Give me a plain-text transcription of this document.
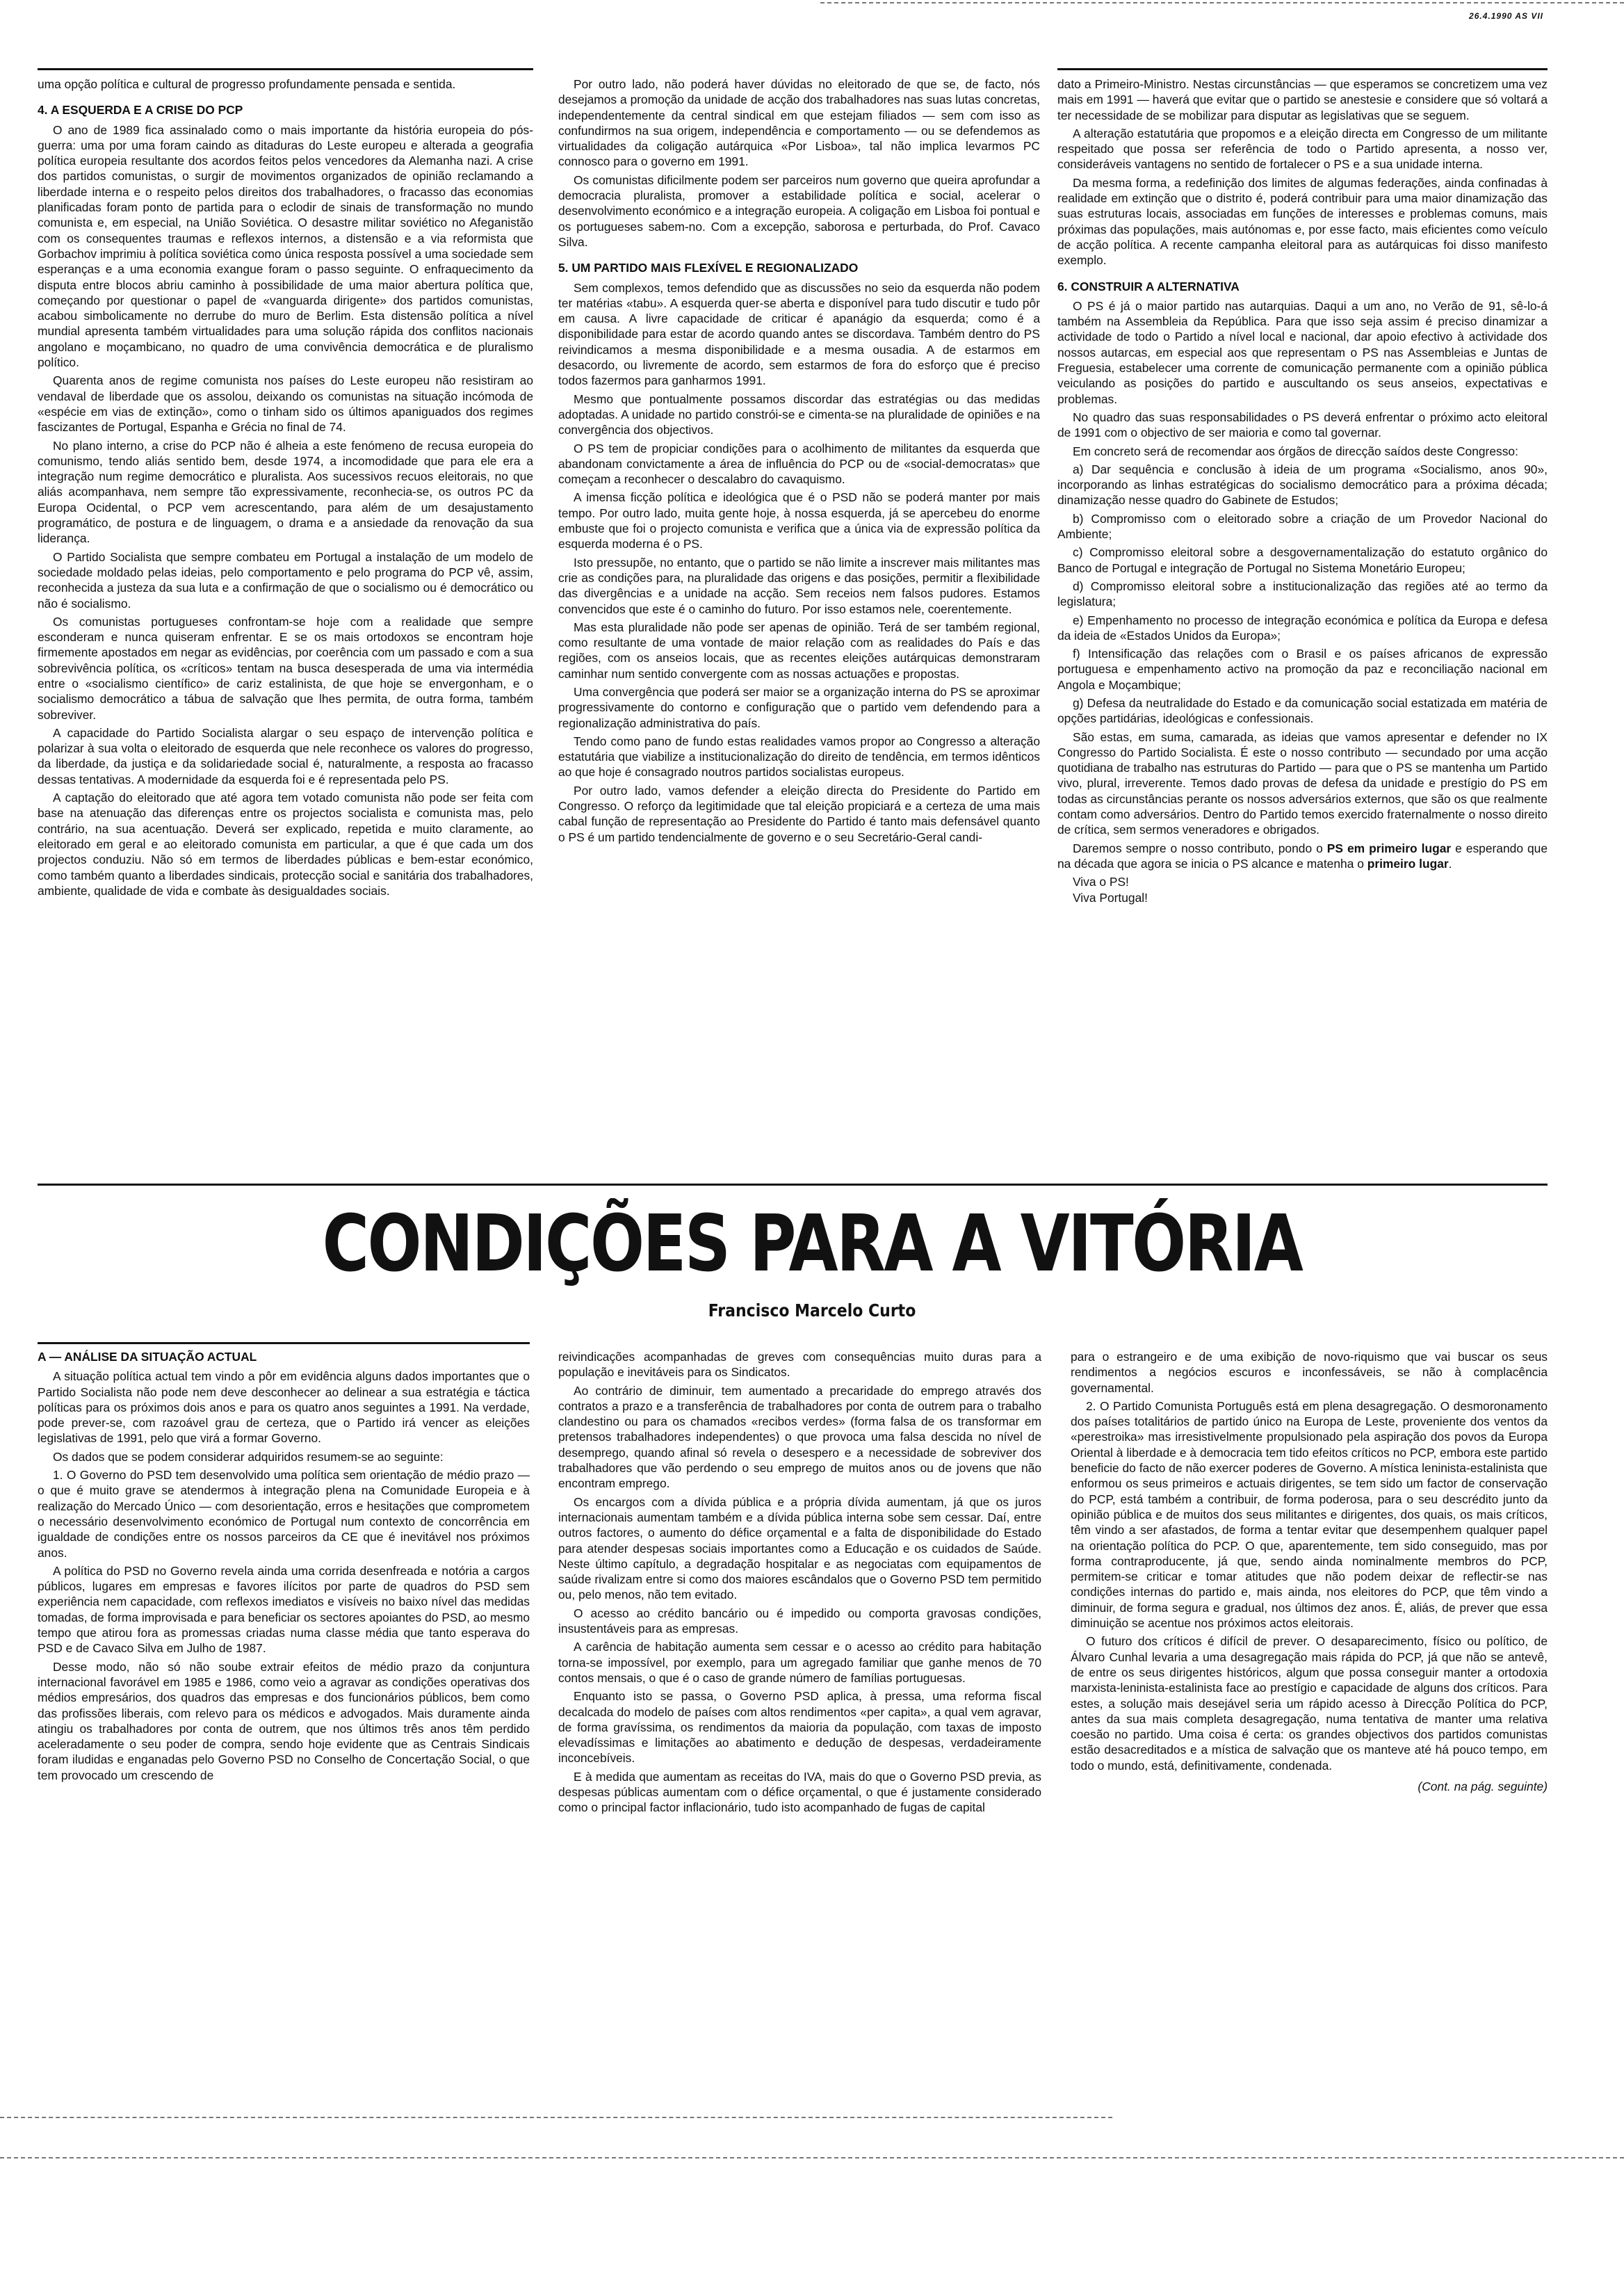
26.4.1990 AS VII

uma opção política e cultural de progresso profundamente pensada e sentida.

4. A ESQUERDA E A CRISE DO PCP

O ano de 1989 fica assinalado como o mais importante da história europeia do pós-guerra: uma por uma foram caindo as ditaduras do Leste europeu e alterada a geografia política europeia resultante dos acordos feitos pelos vencedores da Alemanha nazi. A crise dos partidos comunistas, o surgir de movimentos organizados de opinião reclamando a liberdade interna e o respeito pelos direitos dos trabalhadores, o fracasso das economias planificadas foram ponto de partida para o eclodir de sinais de transformação no mundo comunista e, em especial, na União Soviética. O desastre militar soviético no Afeganistão com os consequentes traumas e reflexos internos, a distensão e a via reformista que Gorbachov imprimiu à política soviética como única resposta possível a uma sociedade sem esperanças e a uma economia exangue foram o passo seguinte. O enfraquecimento da disputa entre blocos abriu caminho à possibilidade de uma maior abertura política que, começando por questionar o papel de «vanguarda dirigente» dos partidos comunistas, acabou simbolicamente no derrube do muro de Berlim. Esta distensão política a nível mundial apresenta também virtualidades para uma solução rápida dos conflitos nacionais angolano e moçambicano, no quadro de uma convivência democrática e de pluralismo político.

Quarenta anos de regime comunista nos países do Leste europeu não resistiram ao vendaval de liberdade que os assolou, deixando os comunistas na situação incómoda de «espécie em vias de extinção», como o tinham sido os últimos apaniguados dos regimes fascizantes de Portugal, Espanha e Grécia no final de 74.

No plano interno, a crise do PCP não é alheia a este fenómeno de recusa europeia do comunismo, tendo aliás sentido bem, desde 1974, a incomodidade que para ele era a integração num regime democrático e pluralista. Aos sucessivos recuos eleitorais, no que aliás acompanhava, nem sempre tão expressivamente, reconhecia-se, os outros PC da Europa Ocidental, o PCP vem acrescentando, para além de um desajustamento programático, de postura e de linguagem, o drama e a ansiedade da renovação da sua liderança.

O Partido Socialista que sempre combateu em Portugal a instalação de um modelo de sociedade moldado pelas ideias, pelo comportamento e pelo programa do PCP vê, assim, reconhecida a justeza da sua luta e a confirmação de que o socialismo ou é democrático ou não é socialismo.

Os comunistas portugueses confrontam-se hoje com a realidade que sempre esconderam e nunca quiseram enfrentar. E se os mais ortodoxos se encontram hoje firmemente apostados em negar as evidências, por coerência com um passado e com a sua sobrevivência política, os «críticos» tentam na busca desesperada de uma via intermédia entre o «socialismo científico» de cariz estalinista, de que hoje se envergonham, e o socialismo democrático a tábua de salvação que lhes permita, de outra forma, também sobreviver.

A capacidade do Partido Socialista alargar o seu espaço de intervenção política e polarizar à sua volta o eleitorado de esquerda que nele reconhece os valores do progresso, da liberdade, da justiça e da solidariedade social é, naturalmente, a resposta ao fracasso dessas tentativas. A modernidade da esquerda foi e é representada pelo PS.

A captação do eleitorado que até agora tem votado comunista não pode ser feita com base na atenuação das diferenças entre os projectos socialista e comunista mas, pelo contrário, na sua acentuação. Deverá ser explicado, repetida e muito claramente, ao eleitorado em geral e ao eleitorado comunista em particular, a que é que cada um dos projectos conduziu. Não só em termos de liberdades públicas e bem-estar económico, como também quanto a liberdades sindicais, protecção social e sanitária dos trabalhadores, ambiente, qualidade de vida e combate às desigualdades sociais.

Por outro lado, não poderá haver dúvidas no eleitorado de que se, de facto, nós desejamos a promoção da unidade de acção dos trabalhadores nas suas lutas concretas, independentemente da central sindical em que estejam filiados — sem com isso as confundirmos na sua origem, independência e comportamento — ou se defendemos as virtualidades da coligação autárquica «Por Lisboa», tal não implica levarmos PC connosco para o governo em 1991.

Os comunistas dificilmente podem ser parceiros num governo que queira aprofundar a democracia pluralista, promover a estabilidade política e social, acelerar o desenvolvimento económico e a integração europeia. A coligação em Lisboa foi pontual e os portugueses sabem-no. Com a excepção, saborosa e perturbada, do Prof. Cavaco Silva.

5. UM PARTIDO MAIS FLEXÍVEL E REGIONALIZADO

Sem complexos, temos defendido que as discussões no seio da esquerda não podem ter matérias «tabu». A esquerda quer-se aberta e disponível para tudo discutir e tudo pôr em causa. A livre capacidade de criticar é apanágio da esquerda; como é a disponibilidade para estar de acordo quando antes se discordava. Também dentro do PS reivindicamos a mesma disponibilidade e a mesma ousadia. A de estarmos em desacordo, ou livremente de acordo, sem estarmos de fora do esforço que é preciso todos fazermos para ganharmos 1991.

Mesmo que pontualmente possamos discordar das estratégias ou das medidas adoptadas. A unidade no partido constrói-se e cimenta-se na pluralidade de opiniões e na convergência dos objectivos.

O PS tem de propiciar condições para o acolhimento de militantes da esquerda que abandonam convictamente a área de influência do PCP ou de «social-democratas» que começam a reconhecer o descalabro do cavaquismo.

A imensa ficção política e ideológica que é o PSD não se poderá manter por mais tempo. Por outro lado, muita gente hoje, à nossa esquerda, já se apercebeu do enorme embuste que foi o projecto comunista e verifica que a única via de expressão política da esquerda moderna é o PS.

Isto pressupõe, no entanto, que o partido se não limite a inscrever mais militantes mas crie as condições para, na pluralidade das origens e das posições, permitir a flexibilidade das divergências e a unidade na acção. Sem receios nem falsos pudores. Estamos convencidos que este é o caminho do futuro. Por isso estamos nele, coerentemente.

Mas esta pluralidade não pode ser apenas de opinião. Terá de ser também regional, como resultante de uma vontade de maior relação com as realidades do País e das regiões, com os anseios locais, que as recentes eleições autárquicas demonstraram caminhar num sentido convergente com as nossas actuações e propostas.

Uma convergência que poderá ser maior se a organização interna do PS se aproximar progressivamente do contorno e configuração que o partido vem defendendo para a regionalização administrativa do país.

Tendo como pano de fundo estas realidades vamos propor ao Congresso a alteração estatutária que viabilize a institucionalização do direito de tendência, em termos idênticos ao que hoje é consagrado noutros partidos socialistas europeus.

Por outro lado, vamos defender a eleição directa do Presidente do Partido em Congresso. O reforço da legitimidade que tal eleição propiciará e a certeza de uma mais cabal função de representação ao Presidente do Partido é tanto mais defensável quanto o PS é um partido tendencialmente de governo e o seu Secretário-Geral candi-

dato a Primeiro-Ministro. Nestas circunstâncias — que esperamos se concretizem uma vez mais em 1991 — haverá que evitar que o partido se anestesie e considere que só voltará a ter necessidade de se mobilizar para disputar as legislativas que se seguem.

A alteração estatutária que propomos e a eleição directa em Congresso de um militante respeitado que possa ser referência de todo o Partido apresenta, a nosso ver, consideráveis vantagens no sentido de fortalecer o PS e a sua unidade interna.

Da mesma forma, a redefinição dos limites de algumas federações, ainda confinadas à realidade em extinção que o distrito é, poderá contribuir para uma maior dinamização das suas estruturas locais, associadas em funções de interesses e problemas comuns, mais próximas das populações, mais autónomas e, por esse facto, mais eficientes como veículo de acção política. A recente campanha eleitoral para as autárquicas foi disso manifesto exemplo.

6. CONSTRUIR A ALTERNATIVA

O PS é já o maior partido nas autarquias. Daqui a um ano, no Verão de 91, sê-lo-á também na Assembleia da República. Para que isso seja assim é preciso dinamizar a actividade de todo o Partido a nível local e nacional, dar apoio efectivo à actividade dos nossos autarcas, em especial aos que representam o PS nas Assembleias e Juntas de Freguesia, estabelecer uma corrente de comunicação permanente com a opinião pública veiculando as posições do partido e auscultando os seus anseios, expectativas e problemas.

No quadro das suas responsabilidades o PS deverá enfrentar o próximo acto eleitoral de 1991 com o objectivo de ser maioria e como tal governar.

Em concreto será de recomendar aos órgãos de direcção saídos deste Congresso:

a) Dar sequência e conclusão à ideia de um programa «Socialismo, anos 90», incorporando as linhas estratégicas do socialismo democrático para a próxima década; dinamização nesse quadro do Gabinete de Estudos;

b) Compromisso com o eleitorado sobre a criação de um Provedor Nacional do Ambiente;

c) Compromisso eleitoral sobre a desgovernamentalização do estatuto orgânico do Banco de Portugal e integração de Portugal no Sistema Monetário Europeu;

d) Compromisso eleitoral sobre a institucionalização das regiões até ao termo da legislatura;

e) Empenhamento no processo de integração económica e política da Europa e defesa da ideia de «Estados Unidos da Europa»;

f) Intensificação das relações com o Brasil e os países africanos de expressão portuguesa e empenhamento activo na promoção da paz e reconciliação nacional em Angola e Moçambique;

g) Defesa da neutralidade do Estado e da comunicação social estatizada em matéria de opções partidárias, ideológicas e confessionais.

São estas, em suma, camarada, as ideias que vamos apresentar e defender no IX Congresso do Partido Socialista. É este o nosso contributo — secundado por uma acção quotidiana de trabalho nas estruturas do Partido — para que o PS se mantenha um Partido vivo, plural, irreverente. Temos dado provas de defesa da unidade e prestígio do PS em todas as circunstâncias perante os nossos adversários externos, que são os que realmente contam como adversários. Dentro do Partido temos exercido fraternalmente o nosso direito de crítica, sem sermos veneradores e obrigados.

Daremos sempre o nosso contributo, pondo o PS em primeiro lugar e esperando que na década que agora se inicia o PS alcance e matenha o primeiro lugar.

Viva o PS!

Viva Portugal!

CONDIÇÕES PARA A VITÓRIA
Francisco Marcelo Curto
A — ANÁLISE DA SITUAÇÃO ACTUAL

A situação política actual tem vindo a pôr em evidência alguns dados importantes que o Partido Socialista não pode nem deve desconhecer ao delinear a sua estratégia e táctica políticas para os próximos dois anos e para os quatro anos seguintes a 1991. Na verdade, pode prever-se, com razoável grau de certeza, que o Partido irá vencer as eleições legislativas de 1991, pelo que virá a formar Governo.

Os dados que se podem considerar adquiridos resumem-se ao seguinte:

1. O Governo do PSD tem desenvolvido uma política sem orientação de médio prazo — o que é muito grave se atendermos à integração plena na Comunidade Europeia e à realização do Mercado Único — com desorientação, erros e hesitações que comprometem o necessário desenvolvimento económico de Portugal num contexto de concorrência em igualdade de condições entre os nossos parceiros da CE que é inevitável nos próximos anos.

A política do PSD no Governo revela ainda uma corrida desenfreada e notória a cargos públicos, lugares em empresas e favores ilícitos por parte de quadros do PSD sem experiência nem capacidade, com reflexos imediatos e visíveis no baixo nível das medidas tomadas, de forma improvisada e para beneficiar os sectores apoiantes do PSD, ao mesmo tempo que atirou fora as promessas criadas numa classe média que tanto esperava do PSD e de Cavaco Silva em Julho de 1987.

Desse modo, não só não soube extrair efeitos de médio prazo da conjuntura internacional favorável em 1985 e 1986, como veio a agravar as condições operativas dos médios empresários, dos quadros das empresas e dos funcionários públicos, bem como das profissões liberais, com relevo para os médicos e advogados. Mais duramente ainda atingiu os trabalhadores por conta de outrem, que nos últimos três anos têm perdido aceleradamente o seu poder de compra, sendo hoje evidente que as Centrais Sindicais foram iludidas e enganadas pelo Governo PSD no Conselho de Concertação Social, o que tem provocado um crescendo de

reivindicações acompanhadas de greves com consequências muito duras para a população e inevitáveis para os Sindicatos.

Ao contrário de diminuir, tem aumentado a precaridade do emprego através dos contratos a prazo e a transferência de trabalhadores por conta de outrem para o trabalho clandestino ou para os chamados «recibos verdes» (forma falsa de os transformar em pretensos trabalhadores independentes) o que provoca uma falsa descida no nível de desemprego, quando afinal só revela o desespero e a necessidade de sobreviver dos trabalhadores que vão perdendo o seu emprego de muitos anos ou de jovens que não encontram emprego.

Os encargos com a dívida pública e a própria dívida aumentam, já que os juros internacionais aumentam também e a dívida pública interna sobe sem cessar. Daí, entre outros factores, o aumento do défice orçamental e a falta de disponibilidade do Estado para atender despesas sociais importantes como a Educação e os cuidados de Saúde. Neste último capítulo, a degradação hospitalar e as negociatas com equipamentos de saúde rivalizam entre si como dos maiores escândalos que o Governo PSD tem permitido ou, pelo menos, não tem evitado.

O acesso ao crédito bancário ou é impedido ou comporta gravosas condições, insustentáveis para as empresas.

A carência de habitação aumenta sem cessar e o acesso ao crédito para habitação torna-se impossível, por exemplo, para um agregado familiar que ganhe menos de 70 contos mensais, o que é o caso de grande número de famílias portuguesas.

Enquanto isto se passa, o Governo PSD aplica, à pressa, uma reforma fiscal decalcada do modelo de países com altos rendimentos «per capita», a qual vem agravar, de forma gravíssima, os rendimentos da maioria da população, com taxas de imposto elevadíssimas e limitações ao abatimento e dedução de despesas, verdadeiramente inconcebíveis.

E à medida que aumentam as receitas do IVA, mais do que o Governo PSD previa, as despesas públicas aumentam com o défice orçamental, o que é justamente considerado como o principal factor inflacionário, tudo isto acompanhado de fugas de capital

para o estrangeiro e de uma exibição de novo-riquismo que vai buscar os seus rendimentos a negócios escuros e inconfessáveis, se não à complacência governamental.

2. O Partido Comunista Português está em plena desagregação. O desmoronamento dos países totalitários de partido único na Europa de Leste, proveniente dos ventos da «perestroika» mas irresistivelmente propulsionado pela aspiração dos povos da Europa Oriental à liberdade e à democracia tem tido efeitos críticos no PCP, embora este partido beneficie do facto de não exercer poderes de Governo. A mística leninista-estalinista que enformou os seus primeiros e actuais dirigentes, se tem sido um factor de conservação do PCP, está também a contribuir, de forma poderosa, para o seu descrédito junto da opinião pública e de muitos dos seus militantes e dirigentes, dos quais, os mais críticos, têm vindo a ser afastados, de forma a tentar evitar que desempenhem qualquer papel na orientação política do PCP. O que, aparentemente, tem sido conseguido, mas por forma contraproducente, já que, sendo ainda nominalmente membros do PCP, permitem-se criticar e tomar atitudes que não podem deixar de reflectir-se nas condições internas do partido e, mais ainda, nos eleitores do PCP, que têm vindo a diminuir, de forma segura e gradual, nos últimos dez anos. É, aliás, de prever que essa diminuição se acentue nos próximos actos eleitorais.

O futuro dos críticos é difícil de prever. O desaparecimento, físico ou político, de Álvaro Cunhal levaria a uma desagregação mais rápida do PCP, já que não se antevê, de entre os seus dirigentes históricos, algum que possa conseguir manter a ortodoxia marxista-leninista-estalinista face ao prestígio e capacidade de alguns dos críticos. Para estes, a solução mais desejável seria um rápido acesso à Direcção Política do PCP, antes da sua mais completa desagregação, numa tentativa de manter uma relativa coesão no partido. Uma coisa é certa: os grandes objectivos dos partidos comunistas estão desacreditados e a mística de salvação que os manteve até há pouco tempo, em todo o mundo, está, definitivamente, condenada.

(Cont. na pág. seguinte)
